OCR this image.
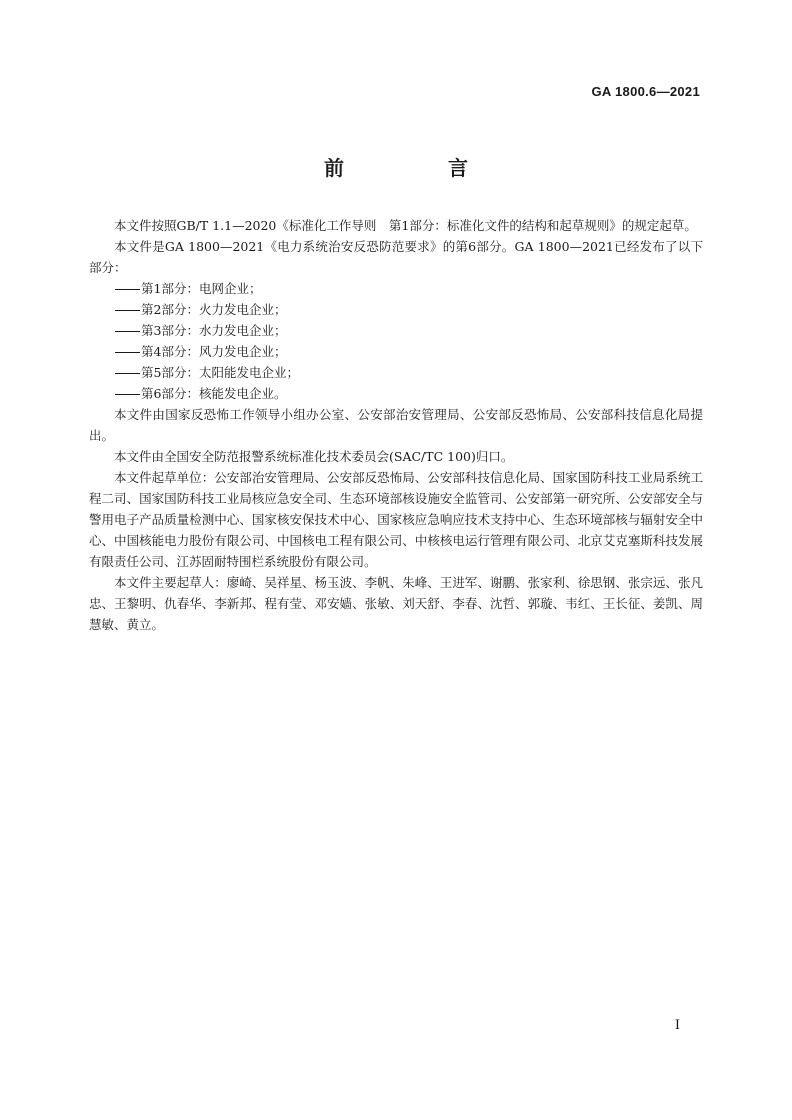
GA 1800.6—2021
前　言

本文件按照GB/T 1.1—2020《标准化工作导则　第1部分：标准化文件的结构和起草规则》的规定起草。

本文件是GA 1800—2021《电力系统治安反恐防范要求》的第6部分。GA 1800—2021已经发布了以下部分：

第1部分：电网企业；
第2部分：火力发电企业；
第3部分：水力发电企业；
第4部分：风力发电企业；
第5部分：太阳能发电企业；
第6部分：核能发电企业。

本文件由国家反恐怖工作领导小组办公室、公安部治安管理局、公安部反恐怖局、公安部科技信息化局提出。

本文件由全国安全防范报警系统标准化技术委员会(SAC/TC 100)归口。

本文件起草单位：公安部治安管理局、公安部反恐怖局、公安部科技信息化局、国家国防科技工业局系统工程二司、国家国防科技工业局核应急安全司、生态环境部核设施安全监管司、公安部第一研究所、公安部安全与警用电子产品质量检测中心、国家核安保技术中心、国家核应急响应技术支持中心、生态环境部核与辐射安全中心、中国核能电力股份有限公司、中国核电工程有限公司、中核核电运行管理有限公司、北京艾克塞斯科技发展有限责任公司、江苏固耐特围栏系统股份有限公司。

本文件主要起草人：廖崎、吴祥星、杨玉波、李帆、朱峰、王进军、谢鹏、张家利、徐思钢、张宗远、张凡忠、王黎明、仇春华、李新邦、程有莹、邓安嫱、张敏、刘天舒、李春、沈哲、郭璇、韦红、王长征、姜凯、周慧敏、黄立。

I
